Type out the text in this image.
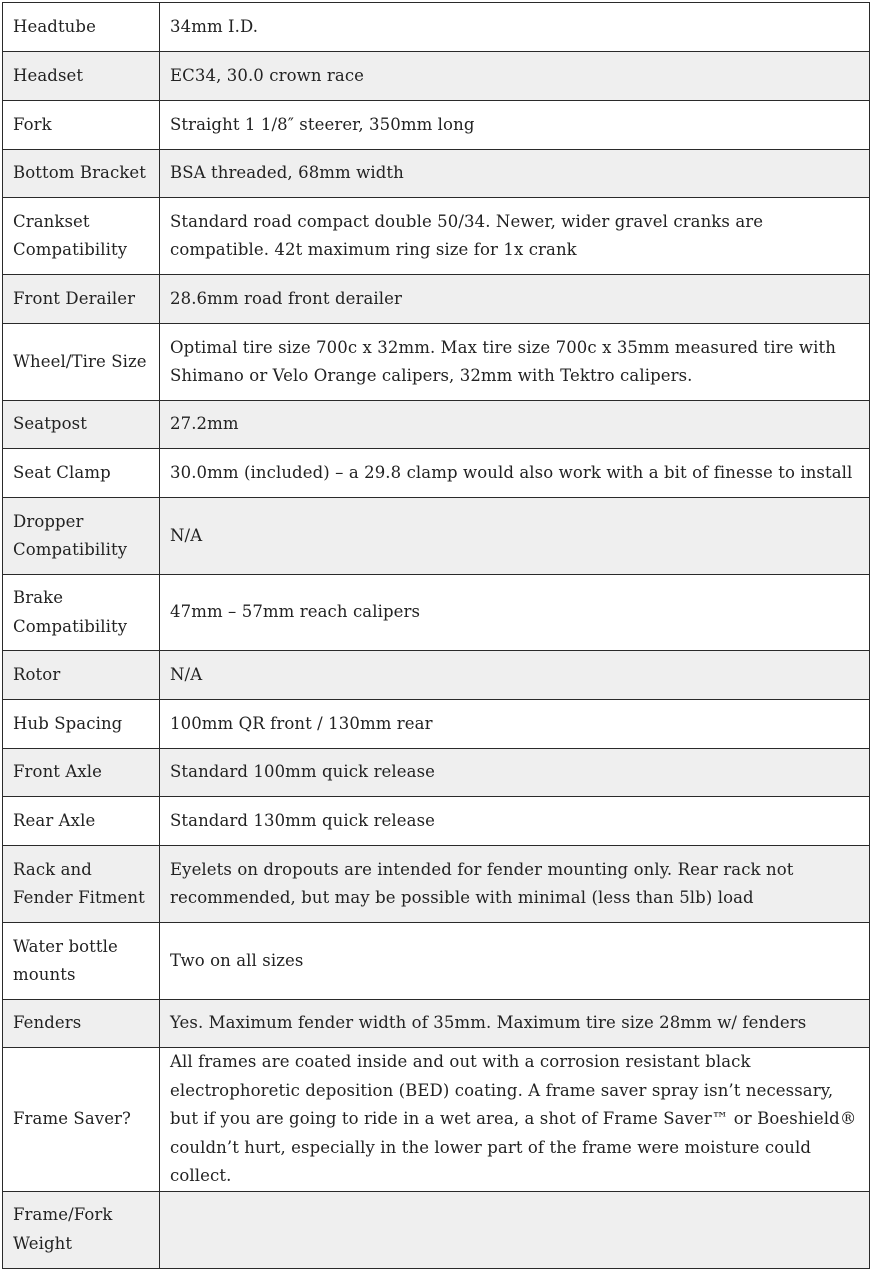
Headtube	34mm I.D.
Headset	EC34, 30.0 crown race
Fork	Straight 1 1/8″ steerer, 350mm long
Bottom Bracket	BSA threaded, 68mm width
Crankset Compatibility	Standard road compact double 50/34. Newer, wider gravel cranks are compatible. 42t maximum ring size for 1x crank
Front Derailer	28.6mm road front derailer
Wheel/Tire Size	Optimal tire size 700c x 32mm. Max tire size 700c x 35mm measured tire with Shimano or Velo Orange calipers, 32mm with Tektro calipers.
Seatpost	27.2mm
Seat Clamp	30.0mm (included) – a 29.8 clamp would also work with a bit of finesse to install
Dropper Compatibility	N/A
Brake Compatibility	47mm – 57mm reach calipers
Rotor	N/A
Hub Spacing	100mm QR front / 130mm rear
Front Axle	Standard 100mm quick release
Rear Axle	Standard 130mm quick release
Rack and Fender Fitment	Eyelets on dropouts are intended for fender mounting only. Rear rack not recommended, but may be possible with minimal (less than 5lb) load
Water bottle mounts	Two on all sizes
Fenders	Yes. Maximum fender width of 35mm. Maximum tire size 28mm w/ fenders
Frame Saver?	All frames are coated inside and out with a corrosion resistant black electrophoretic deposition (BED) coating. A frame saver spray isn’t necessary, but if you are going to ride in a wet area, a shot of Frame Saver™ or Boeshield® couldn’t hurt, especially in the lower part of the frame were moisture could collect.
Frame/Fork Weight	
